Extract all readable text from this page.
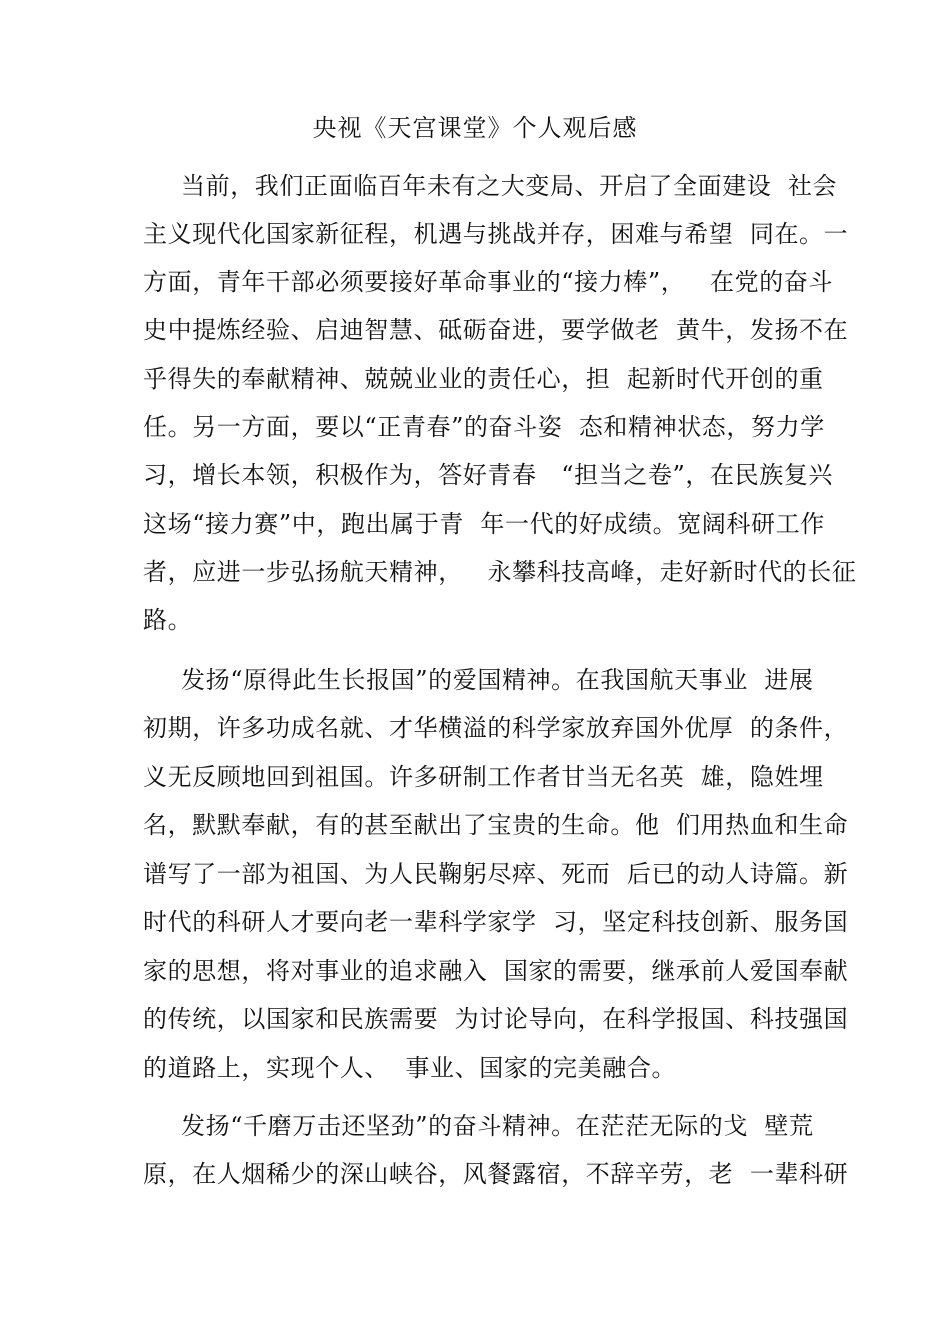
央视《天宫课堂》个人观后感
当前，我们正面临百年未有之大变局、开启了全面建设  社会
主义现代化国家新征程，机遇与挑战并存，困难与希望  同在。一
方面，青年干部必须要接好革命事业的“接力棒”，   在党的奋斗
史中提炼经验、启迪智慧、砥砺奋进，要学做老  黄牛，发扬不在
乎得失的奉献精神、兢兢业业的责任心，担  起新时代开创的重
任。另一方面，要以“正青春”的奋斗姿  态和精神状态，努力学
习，增长本领，积极作为，答好青春   “担当之卷”，在民族复兴
这场“接力赛”中，跑出属于青  年一代的好成绩。宽阔科研工作
者，应进一步弘扬航天精神，   永攀科技高峰，走好新时代的长征
路。
发扬“原得此生长报国”的爱国精神。在我国航天事业  进展
初期，许多功成名就、才华横溢的科学家放弃国外优厚  的条件，
义无反顾地回到祖国。许多研制工作者甘当无名英  雄，隐姓埋
名，默默奉献，有的甚至献出了宝贵的生命。他  们用热血和生命
谱写了一部为祖国、为人民鞠躬尽瘁、死而  后已的动人诗篇。新
时代的科研人才要向老一辈科学家学  习，坚定科技创新、服务国
家的思想，将对事业的追求融入  国家的需要，继承前人爱国奉献
的传统，以国家和民族需要  为讨论导向，在科学报国、科技强国
的道路上，实现个人、  事业、国家的完美融合。
发扬“千磨万击还坚劲”的奋斗精神。在茫茫无际的戈  壁荒
原，在人烟稀少的深山峡谷，风餐露宿，不辞辛劳，老  一辈科研
